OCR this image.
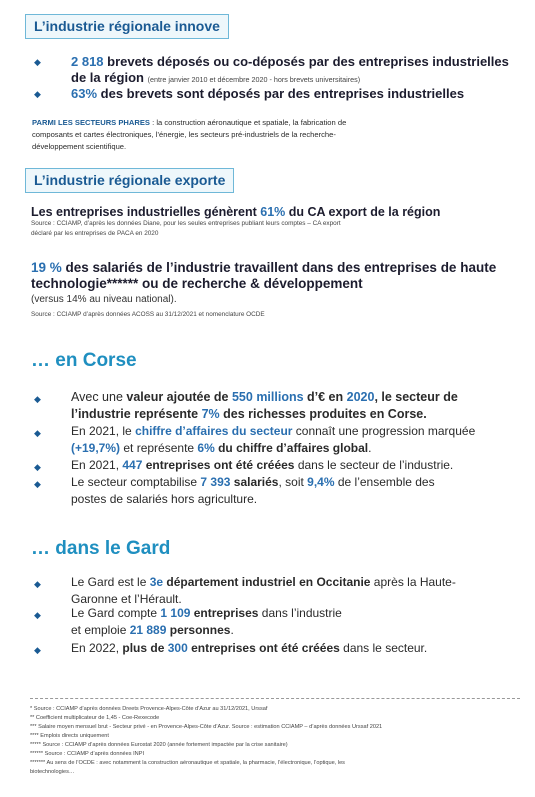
L’industrie régionale innove
◆ 2 818 brevets déposés ou co-déposés par des entreprises industrielles
de la région (entre janvier 2010 et décembre 2020 - hors brevets universitaires)
◆ 63% des brevets sont déposés par des entreprises industrielles
PARMI LES SECTEURS PHARES : la construction aéronautique et spatiale, la fabrication de
composants et cartes électroniques, l’énergie, les secteurs pré-industriels de la recherche-
développement scientifique.
L’industrie régionale exporte
Les entreprises industrielles génèrent 61% du CA export de la région
Source : CCIAMP, d’après les données Diane, pour les seules entreprises publiant leurs comptes – CA export
déclaré par les entreprises de PACA en 2020
19 % des salariés de l’industrie travaillent dans des entreprises de haute
technologie****** ou de recherche & développement
(versus 14% au niveau national).
Source : CCIAMP d’après données ACOSS au 31/12/2021 et nomenclature OCDE
… en Corse
◆ Avec une valeur ajoutée de 550 millions d’€ en 2020, le secteur de
l’industrie représente 7% des richesses produites en Corse.
◆	En 2021, le chiffre d’affaires du secteur connaît une progression marquée
(+19,7%) et représente 6% du chiffre d’affaires global.
◆	En 2021, 447 entreprises ont été créées dans le secteur de l’industrie.
◆	Le secteur comptabilise 7 393 salariés, soit 9,4% de l’ensemble des
postes de salariés hors agriculture.
… dans le Gard
◆	Le Gard est le 3e département industriel en Occitanie après la Haute-
Garonne et l’Hérault.
◆	Le Gard compte 1 109 entreprises dans l’industrie
et emploie 21 889 personnes.
◆	En 2022, plus de 300 entreprises ont été créées dans le secteur.
* Source : CCIAMP d’après données Dreets Provence-Alpes-Côte d’Azur au 31/12/2021, Urssaf
** Coefficient multiplicateur de 1,45 - Coe-Rexecode
*** Salaire moyen mensuel brut - Secteur privé - en Provence-Alpes-Côte d’Azur. Source : estimation CCIAMP – d’après données Urssaf 2021
**** Emplois directs uniquement
***** Source : CCIAMP d’après données Eurostat 2020 (année fortement impactée par la crise sanitaire)
****** Source : CCIAMP d’après données INPI
******* Au sens de l’OCDE : avec notamment la construction aéronautique et spatiale, la pharmacie, l’électronique, l’optique, les
biotechnologies…
